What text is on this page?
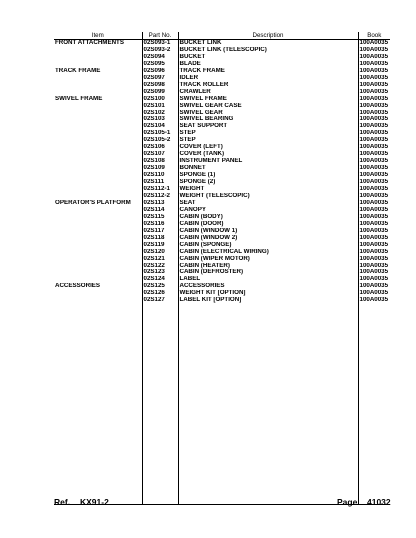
Item	Part No.	Description	Book
FRONT ATTACHMENTS	02S093-1	BUCKET LINK	100A0035
	02S093-2	BUCKET LINK (TELESCOPIC)	100A0035
	02S094	BUCKET	100A0035
	02S095	BLADE	100A0035
TRACK FRAME	02S096	TRACK FRAME	100A0035
	02S097	IDLER	100A0035
	02S098	TRACK ROLLER	100A0035
	02S099	CRAWLER	100A0035
SWIVEL FRAME	02S100	SWIVEL FRAME	100A0035
	02S101	SWIVEL GEAR CASE	100A0035
	02S102	SWIVEL GEAR	100A0035
	02S103	SWIVEL BEARING	100A0035
	02S104	SEAT SUPPORT	100A0035
	02S105-1	STEP	100A0035
	02S105-2	STEP	100A0035
	02S106	COVER (LEFT)	100A0035
	02S107	COVER (TANK)	100A0035
	02S108	INSTRUMENT PANEL	100A0035
	02S109	BONNET	100A0035
	02S110	SPONGE (1)	100A0035
	02S111	SPONGE (2)	100A0035
	02S112-1	WEIGHT	100A0035
	02S112-2	WEIGHT (TELESCOPIC)	100A0035
OPERATOR'S PLATFORM	02S113	SEAT	100A0035
	02S114	CANOPY	100A0035
	02S115	CABIN (BODY)	100A0035
	02S116	CABIN (DOOR)	100A0035
	02S117	CABIN (WINDOW 1)	100A0035
	02S118	CABIN (WINDOW 2)	100A0035
	02S119	CABIN (SPONGE)	100A0035
	02S120	CABIN (ELECTRICAL WIRING)	100A0035
	02S121	CABIN (WIPER MOTOR)	100A0035
	02S122	CABIN (HEATER)	100A0035
	02S123	CABIN (DEFROSTER)	100A0035
	02S124	LABEL	100A0035
ACCESSORIES	02S125	ACCESSORIES	100A0035
	02S126	WEIGHT KIT [OPTION]	100A0035
	02S127	LABEL KIT [OPTION]	100A0035

Ref. KX91-2	Page 41032
